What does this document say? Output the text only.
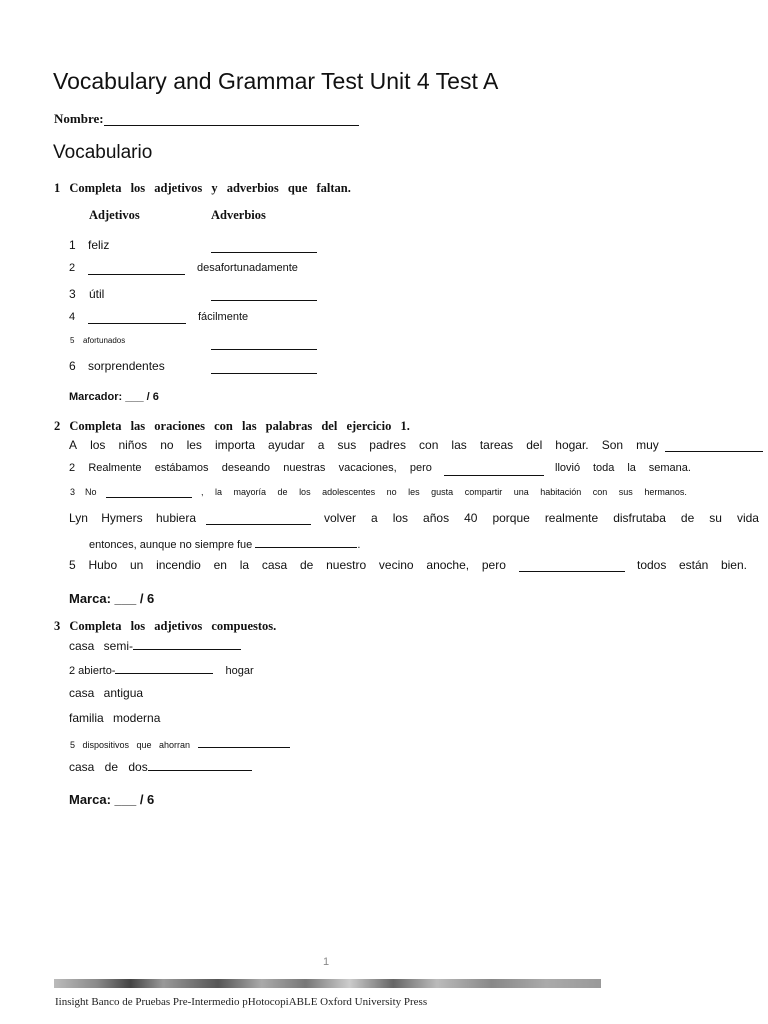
Vocabulary and Grammar Test Unit 4 Test A
Nombre:
Vocabulario
1 Completa los adjetivos y adverbios que faltan.
Adjetivos	Adverbios
1 feliz
2	desafortunadamente
3 útil
4	fácilmente
5 afortunados
6 sorprendentes
Marcador: ___ / 6
2 Completa las oraciones con las palabras del ejercicio 1.
A los niños no les importa ayudar a sus padres con las tareas del hogar. Son muy
2 Realmente estábamos deseando nuestras vacaciones, pero	llovió toda la semana.
3 No	, la mayoría de los adolescentes no les gusta compartir una habitación con sus hermanos.
Lyn Hymers hubiera	volver a los años 40 porque realmente disfrutaba de su vida
entonces, aunque no siempre fue	.
5 Hubo un incendio en la casa de nuestro vecino anoche, pero	todos están bien.
Marca: ___ / 6
3 Completa los adjetivos compuestos.
casa semi-
2 abierto-	hogar
casa antigua
familia moderna
5 dispositivos que ahorran
casa de dos
Marca: ___ / 6
1
Iinsight Banco de Pruebas Pre-Intermedio pHotocopiABLE Oxford University Press
